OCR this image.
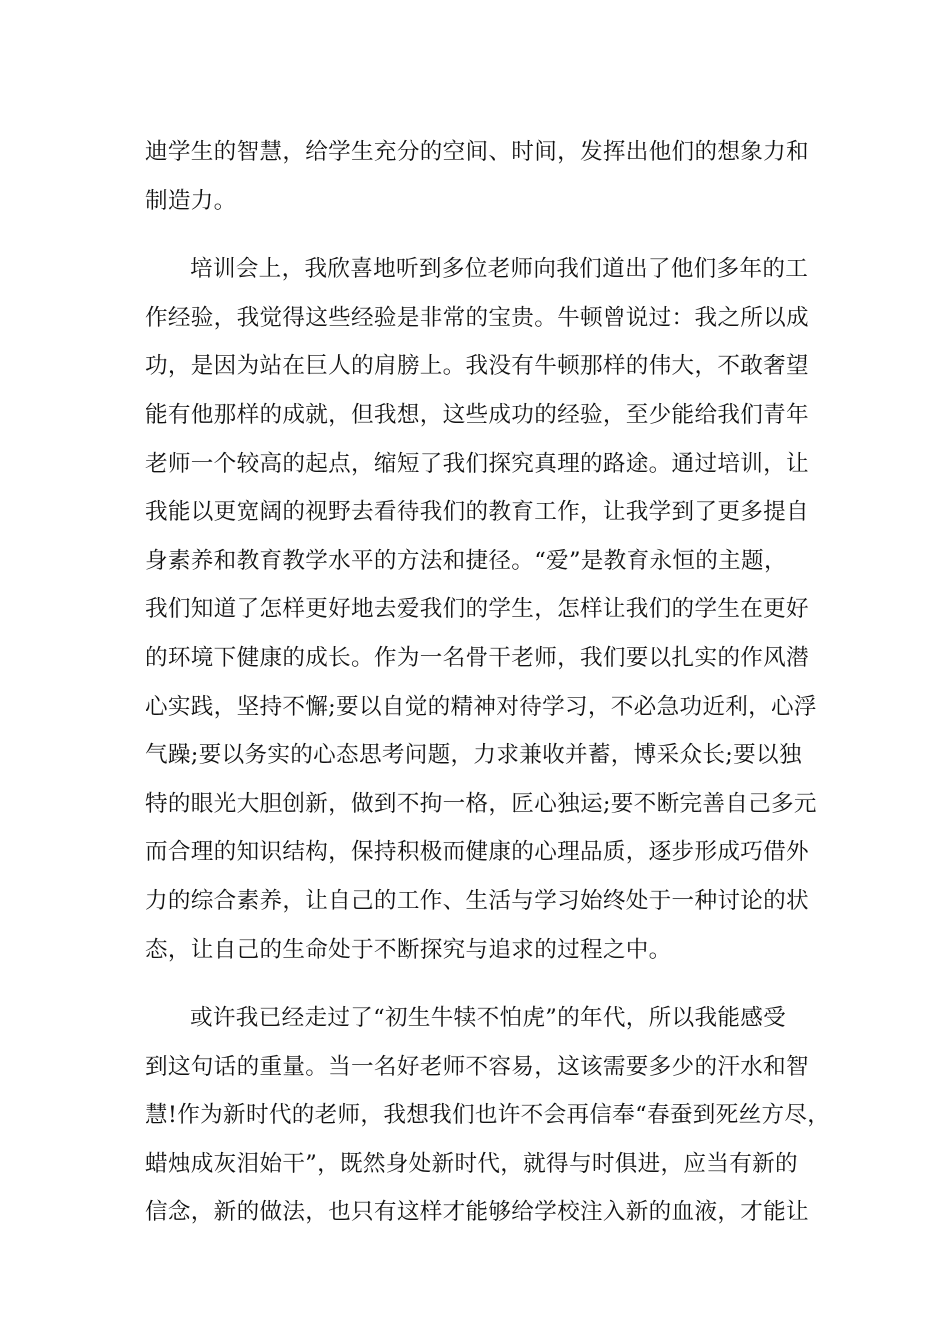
迪学生的智慧，给学生充分的空间、时间，发挥出他们的想象力和
制造力。
培训会上，我欣喜地听到多位老师向我们道出了他们多年的工
作经验，我觉得这些经验是非常的宝贵。牛顿曾说过：我之所以成
功，是因为站在巨人的肩膀上。我没有牛顿那样的伟大，不敢奢望
能有他那样的成就，但我想，这些成功的经验，至少能给我们青年
老师一个较高的起点，缩短了我们探究真理的路途。通过培训，让
我能以更宽阔的视野去看待我们的教育工作，让我学到了更多提自
身素养和教育教学水平的方法和捷径。“爱”是教育永恒的主题，
我们知道了怎样更好地去爱我们的学生，怎样让我们的学生在更好
的环境下健康的成长。作为一名骨干老师，我们要以扎实的作风潜
心实践，坚持不懈;要以自觉的精神对待学习，不必急功近利，心浮
气躁;要以务实的心态思考问题，力求兼收并蓄，博采众长;要以独
特的眼光大胆创新，做到不拘一格，匠心独运;要不断完善自己多元
而合理的知识结构，保持积极而健康的心理品质，逐步形成巧借外
力的综合素养，让自己的工作、生活与学习始终处于一种讨论的状
态，让自己的生命处于不断探究与追求的过程之中。
或许我已经走过了“初生牛犊不怕虎”的年代，所以我能感受
到这句话的重量。当一名好老师不容易，这该需要多少的汗水和智
慧!作为新时代的老师，我想我们也许不会再信奉“春蚕到死丝方尽，
蜡烛成灰泪始干”，既然身处新时代，就得与时俱进，应当有新的
信念，新的做法，也只有这样才能够给学校注入新的血液，才能让
